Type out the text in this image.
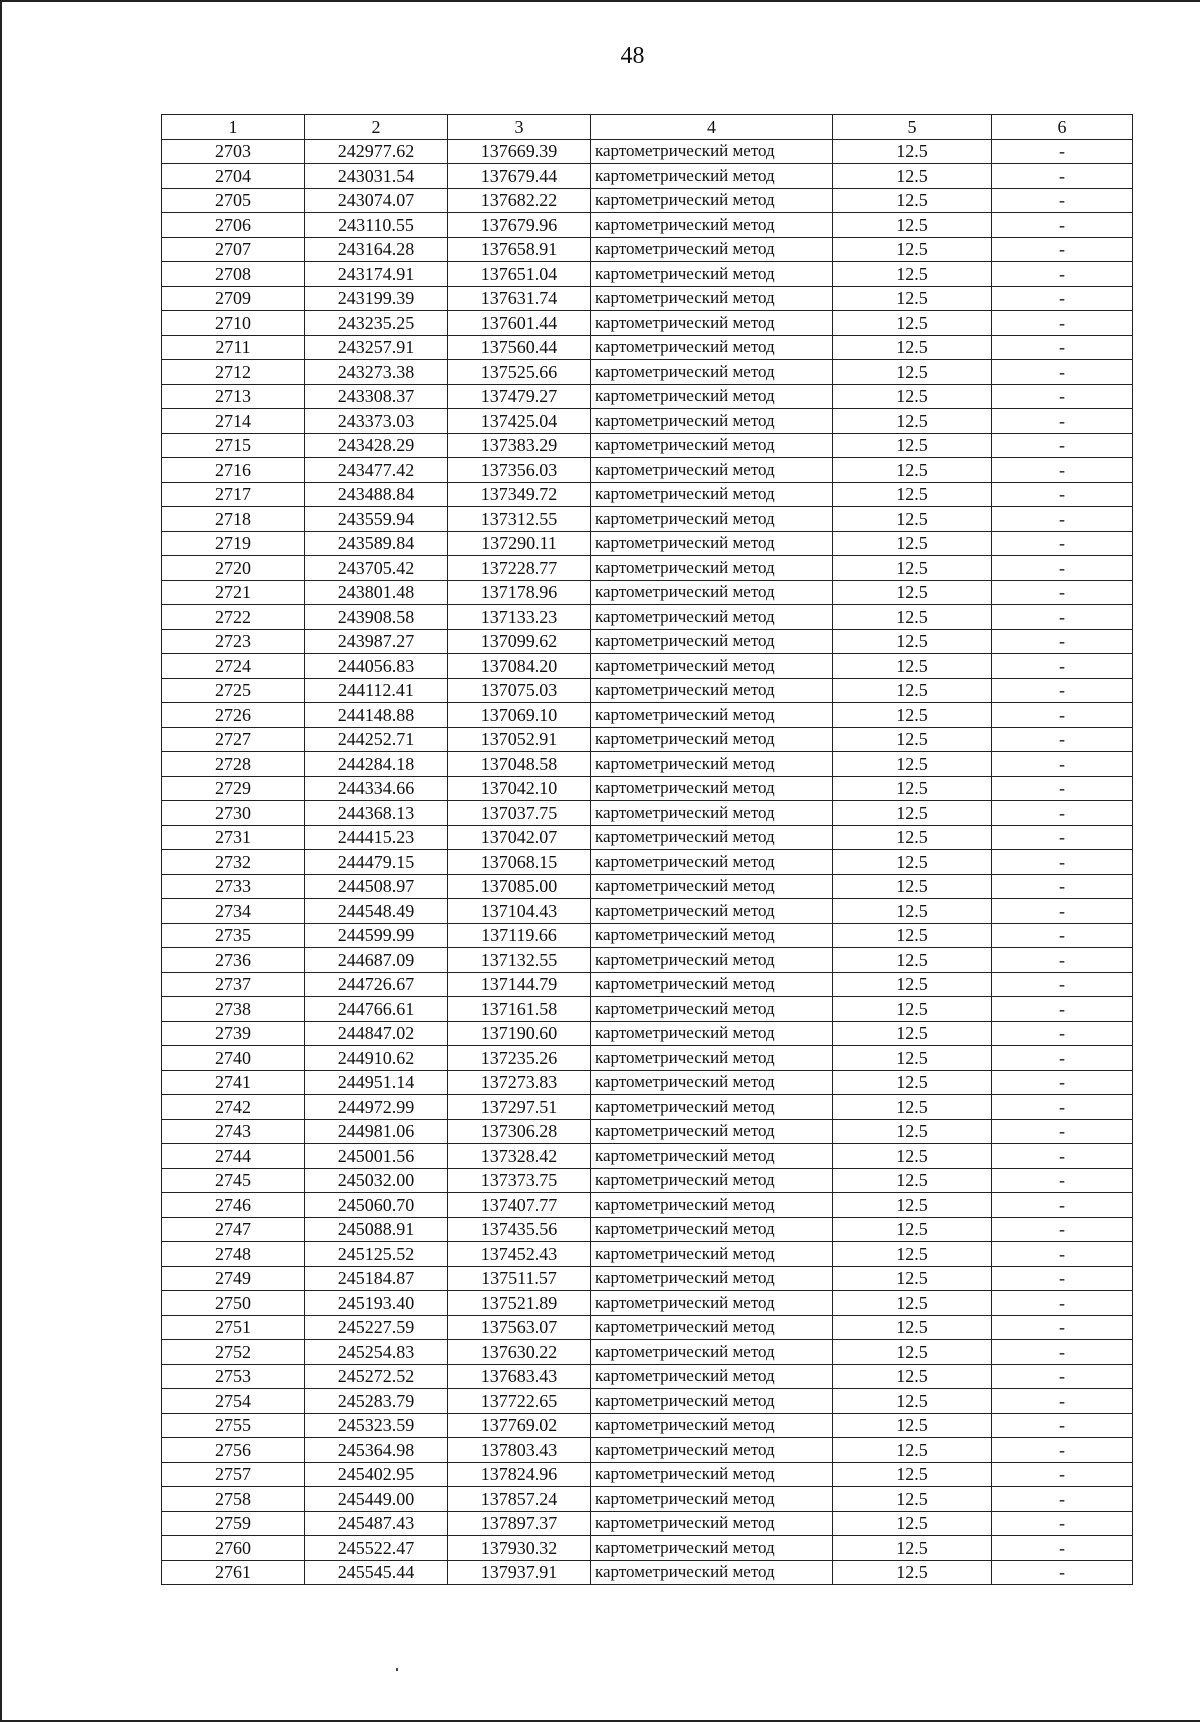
48
1	2	3	4	5	6
2703	242977.62	137669.39	картометрический метод	12.5	-
2704	243031.54	137679.44	картометрический метод	12.5	-
2705	243074.07	137682.22	картометрический метод	12.5	-
2706	243110.55	137679.96	картометрический метод	12.5	-
2707	243164.28	137658.91	картометрический метод	12.5	-
2708	243174.91	137651.04	картометрический метод	12.5	-
2709	243199.39	137631.74	картометрический метод	12.5	-
2710	243235.25	137601.44	картометрический метод	12.5	-
2711	243257.91	137560.44	картометрический метод	12.5	-
2712	243273.38	137525.66	картометрический метод	12.5	-
2713	243308.37	137479.27	картометрический метод	12.5	-
2714	243373.03	137425.04	картометрический метод	12.5	-
2715	243428.29	137383.29	картометрический метод	12.5	-
2716	243477.42	137356.03	картометрический метод	12.5	-
2717	243488.84	137349.72	картометрический метод	12.5	-
2718	243559.94	137312.55	картометрический метод	12.5	-
2719	243589.84	137290.11	картометрический метод	12.5	-
2720	243705.42	137228.77	картометрический метод	12.5	-
2721	243801.48	137178.96	картометрический метод	12.5	-
2722	243908.58	137133.23	картометрический метод	12.5	-
2723	243987.27	137099.62	картометрический метод	12.5	-
2724	244056.83	137084.20	картометрический метод	12.5	-
2725	244112.41	137075.03	картометрический метод	12.5	-
2726	244148.88	137069.10	картометрический метод	12.5	-
2727	244252.71	137052.91	картометрический метод	12.5	-
2728	244284.18	137048.58	картометрический метод	12.5	-
2729	244334.66	137042.10	картометрический метод	12.5	-
2730	244368.13	137037.75	картометрический метод	12.5	-
2731	244415.23	137042.07	картометрический метод	12.5	-
2732	244479.15	137068.15	картометрический метод	12.5	-
2733	244508.97	137085.00	картометрический метод	12.5	-
2734	244548.49	137104.43	картометрический метод	12.5	-
2735	244599.99	137119.66	картометрический метод	12.5	-
2736	244687.09	137132.55	картометрический метод	12.5	-
2737	244726.67	137144.79	картометрический метод	12.5	-
2738	244766.61	137161.58	картометрический метод	12.5	-
2739	244847.02	137190.60	картометрический метод	12.5	-
2740	244910.62	137235.26	картометрический метод	12.5	-
2741	244951.14	137273.83	картометрический метод	12.5	-
2742	244972.99	137297.51	картометрический метод	12.5	-
2743	244981.06	137306.28	картометрический метод	12.5	-
2744	245001.56	137328.42	картометрический метод	12.5	-
2745	245032.00	137373.75	картометрический метод	12.5	-
2746	245060.70	137407.77	картометрический метод	12.5	-
2747	245088.91	137435.56	картометрический метод	12.5	-
2748	245125.52	137452.43	картометрический метод	12.5	-
2749	245184.87	137511.57	картометрический метод	12.5	-
2750	245193.40	137521.89	картометрический метод	12.5	-
2751	245227.59	137563.07	картометрический метод	12.5	-
2752	245254.83	137630.22	картометрический метод	12.5	-
2753	245272.52	137683.43	картометрический метод	12.5	-
2754	245283.79	137722.65	картометрический метод	12.5	-
2755	245323.59	137769.02	картометрический метод	12.5	-
2756	245364.98	137803.43	картометрический метод	12.5	-
2757	245402.95	137824.96	картометрический метод	12.5	-
2758	245449.00	137857.24	картометрический метод	12.5	-
2759	245487.43	137897.37	картометрический метод	12.5	-
2760	245522.47	137930.32	картометрический метод	12.5	-
2761	245545.44	137937.91	картометрический метод	12.5	-
